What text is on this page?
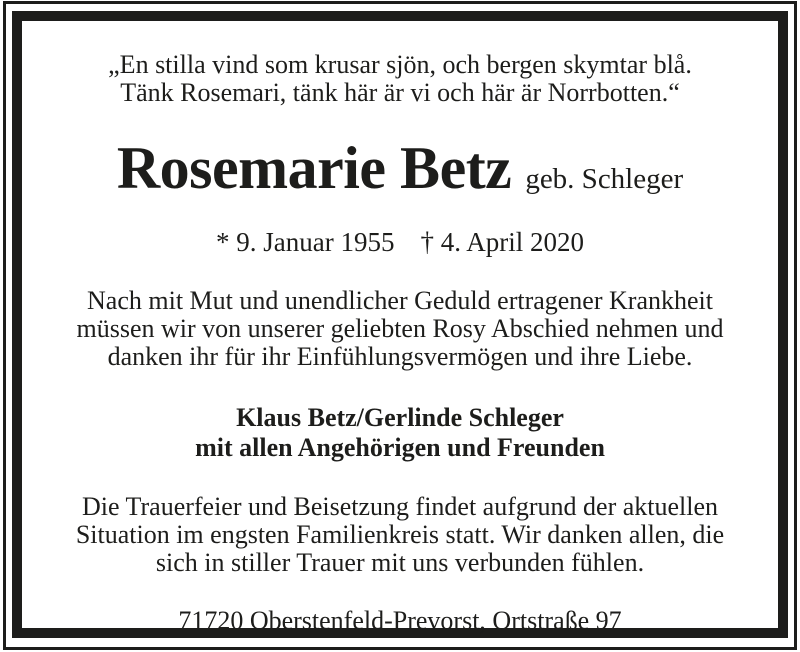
„En stilla vind som krusar sjön, och bergen skymtar blå.
Tänk Rosemari, tänk här är vi och här är Norrbotten.“
Rosemarie Betz geb. Schleger
* 9. Januar 1955 † 4. April 2020
Nach mit Mut und unendlicher Geduld ertragener Krankheit
müssen wir von unserer geliebten Rosy Abschied nehmen und
danken ihr für ihr Einfühlungsvermögen und ihre Liebe.
Klaus Betz/Gerlinde Schleger
mit allen Angehörigen und Freunden
Die Trauerfeier und Beisetzung findet aufgrund der aktuellen
Situation im engsten Familienkreis statt. Wir danken allen, die
sich in stiller Trauer mit uns verbunden fühlen.
71720 Oberstenfeld-Prevorst, Ortstraße 97
